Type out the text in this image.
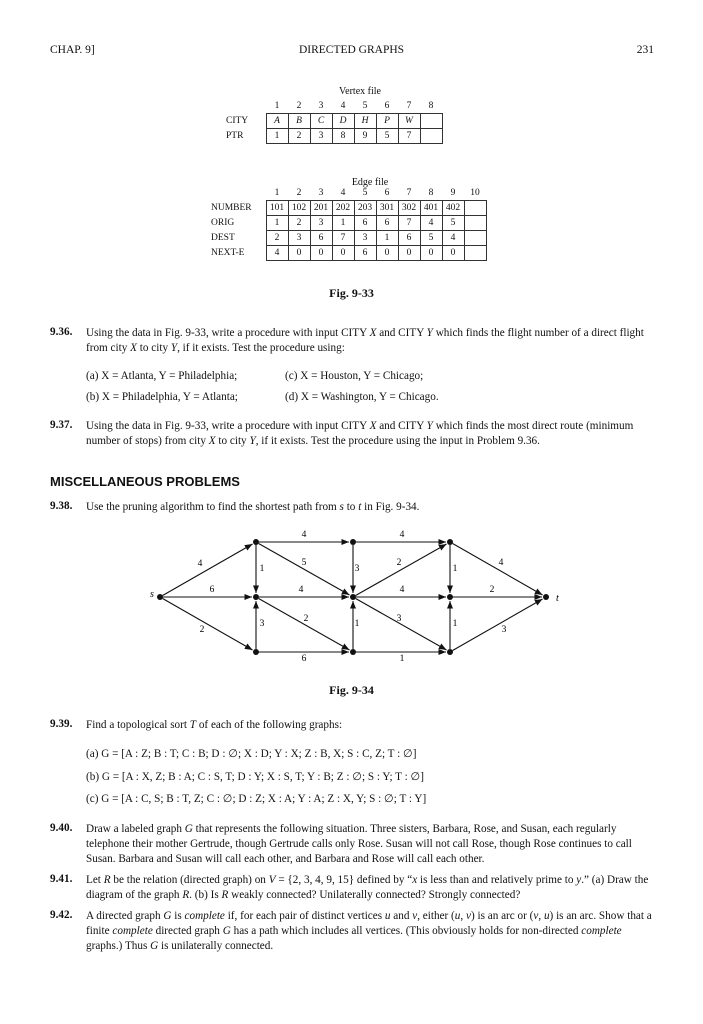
CHAP. 9]	DIRECTED GRAPHS	231
Vertex file
	1	2	3	4	5	6	7	8
CITY	A	B	C	D	H	P	W	
PTR	1	2	3	8	9	5	7	
Edge file
	1	2	3	4	5	6	7	8	9	10
NUMBER	101	102	201	202	203	301	302	401	402	
ORIG	1	2	3	1	6	6	7	4	5	
DEST	2	3	6	7	3	1	6	5	4	
NEXT-E	4	0	0	0	6	0	0	0	0	
Fig. 9-33
9.36. Using the data in Fig. 9-33, write a procedure with input CITY X and CITY Y which finds the flight number of a direct flight from city X to city Y, if it exists. Test the procedure using:
(a) X = Atlanta, Y = Philadelphia;
(b) X = Philadelphia, Y = Atlanta;
(c) X = Houston, Y = Chicago;
(d) X = Washington, Y = Chicago.
9.37. Using the data in Fig. 9-33, write a procedure with input CITY X and CITY Y which finds the most direct route (minimum number of stops) from city X to city Y, if it exists. Test the procedure using the input in Problem 9.36.
MISCELLANEOUS PROBLEMS
9.38. Use the pruning algorithm to find the shortest path from s to t in Fig. 9-34.
4
6
2
3
1
4
4
6
5
2
3
1
4
4
1
2
3
1
1
4
2
3
s	t
Fig. 9-34
9.39. Find a topological sort T of each of the following graphs:
(a) G = [A : Z; B : T; C : B; D : ∅; X : D; Y : X; Z : B, X; S : C, Z; T : ∅]
(b) G = [A : X, Z; B : A; C : S, T; D : Y; X : S, T; Y : B; Z : ∅; S : Y; T : ∅]
(c) G = [A : C, S; B : T, Z; C : ∅; D : Z; X : A; Y : A; Z : X, Y; S : ∅; T : Y]
9.40. Draw a labeled graph G that represents the following situation. Three sisters, Barbara, Rose, and Susan, each regularly telephone their mother Gertrude, though Gertrude calls only Rose. Susan will not call Rose, though Rose continues to call Susan. Barbara and Susan will call each other, and Barbara and Rose will call each other.
9.41. Let R be the relation (directed graph) on V = {2, 3, 4, 9, 15} defined by “x is less than and relatively prime to y.” (a) Draw the diagram of the graph R. (b) Is R weakly connected? Unilaterally connected? Strongly connected?
9.42. A directed graph G is complete if, for each pair of distinct vertices u and v, either (u, v) is an arc or (v, u) is an arc. Show that a finite complete directed graph G has a path which includes all vertices. (This obviously holds for non-directed complete graphs.) Thus G is unilaterally connected.
